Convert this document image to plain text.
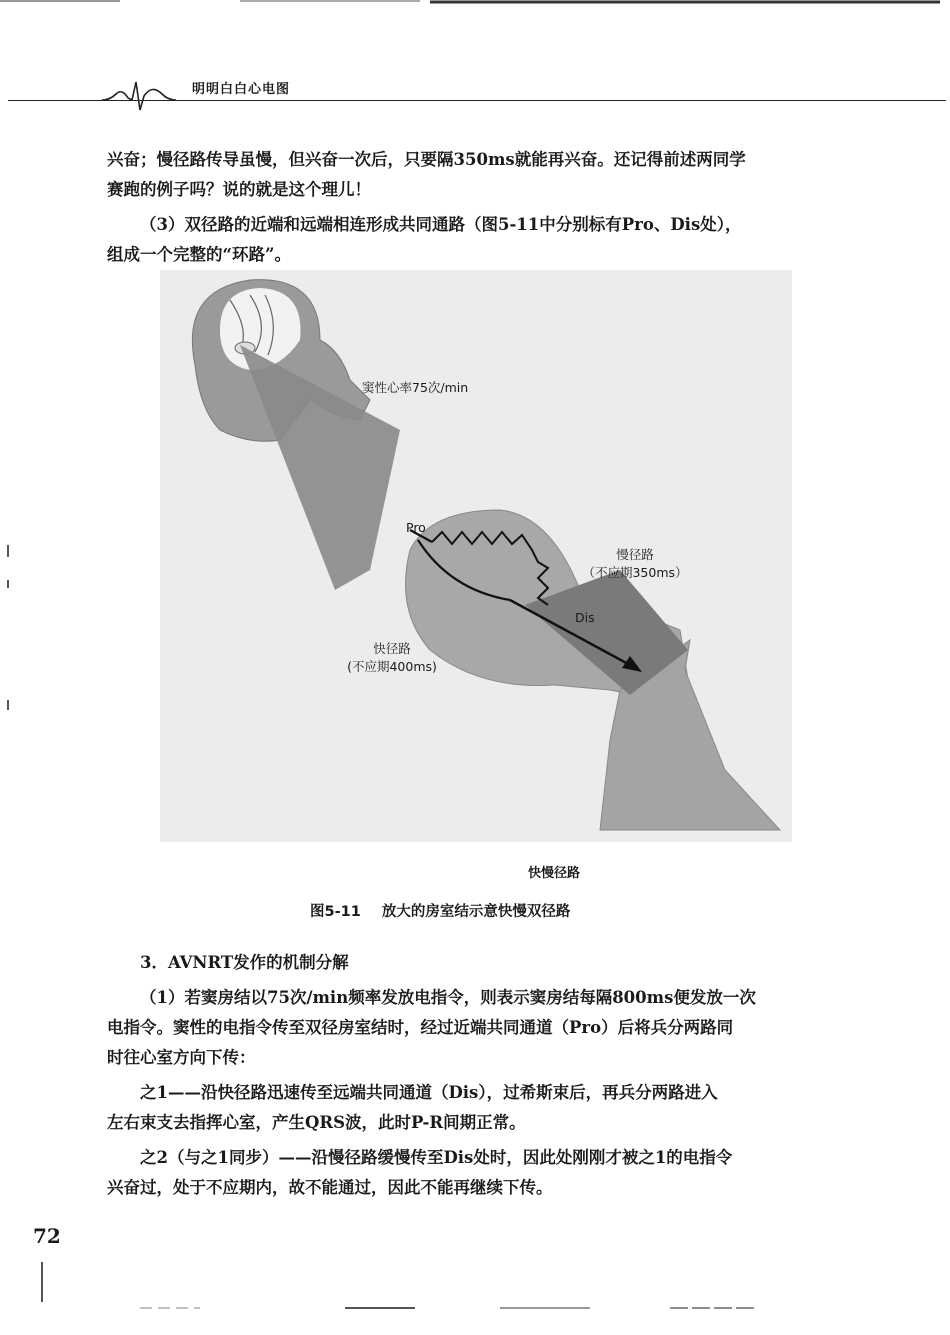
明明白白心电图
兴奋；慢径路传导虽慢，但兴奋一次后，只要隔350ms就能再兴奋。还记得前述两同学
赛跑的例子吗？说的就是这个理儿！
（3）双径路的近端和远端相连形成共同通路（图5-11中分别标有Pro、Dis处），
组成一个完整的“环路”。
窦性心率75次/min
Pro
Dis
慢径路
（不应期350ms）
快径路
(不应期400ms)
快慢径路
图5-11 放大的房室结示意快慢双径路
3．AVNRT发作的机制分解
（1）若窦房结以75次/min频率发放电指令，则表示窦房结每隔800ms便发放一次
电指令。窦性的电指令传至双径房室结时，经过近端共同通道（Pro）后将兵分两路同
时往心室方向下传：
之1——沿快径路迅速传至远端共同通道（Dis），过希斯束后，再兵分两路进入
左右束支去指挥心室，产生QRS波，此时P-R间期正常。
之2（与之1同步）——沿慢径路缓慢传至Dis处时，因此处刚刚才被之1的电指令
兴奋过，处于不应期内，故不能通过，因此不能再继续下传。
72
